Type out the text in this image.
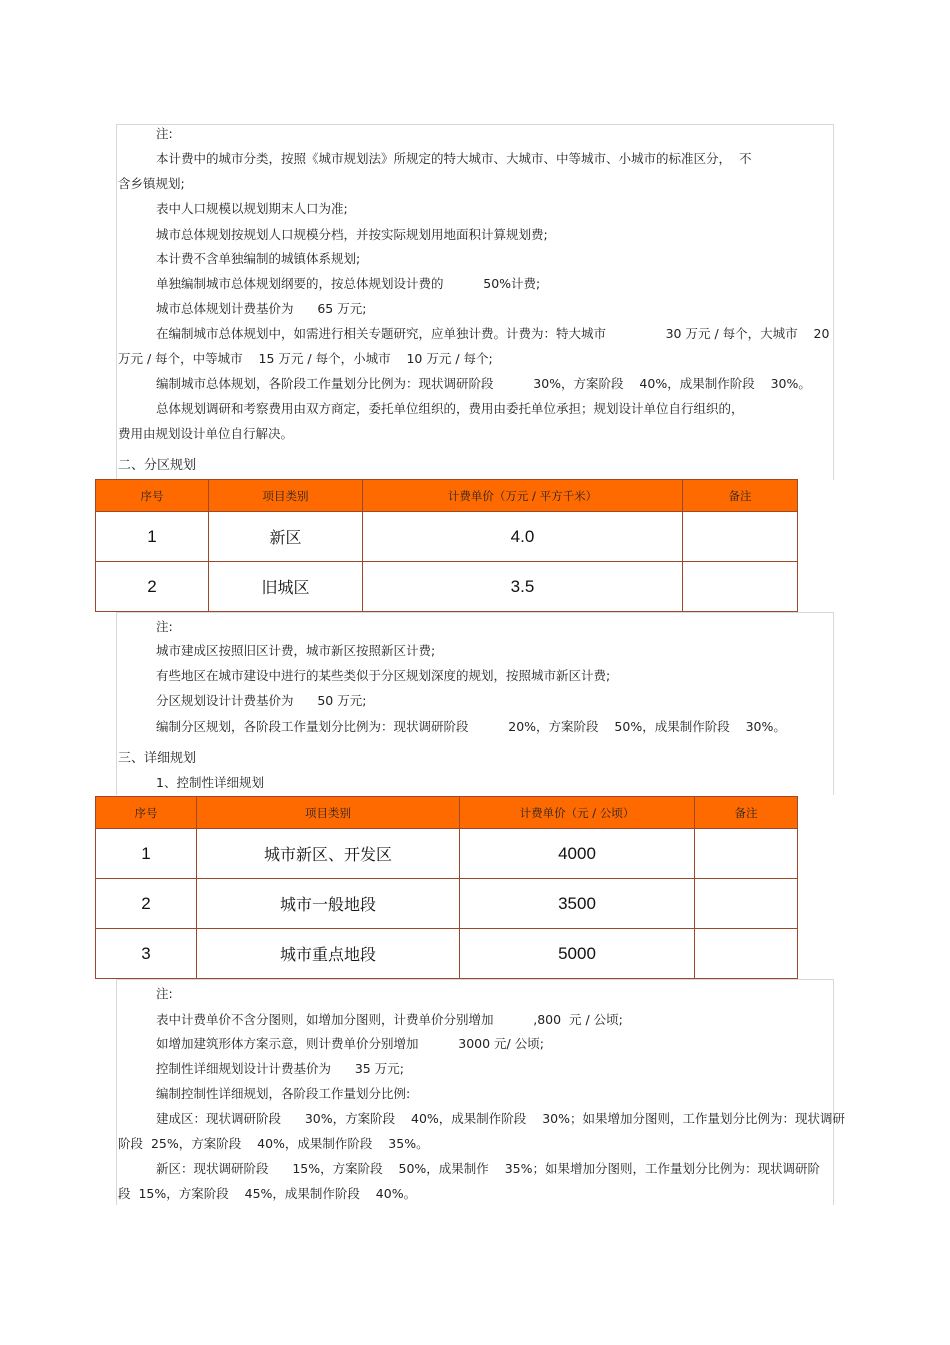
注:
本计费中的城市分类，按照《城市规划法》所规定的特大城市、大城市、中等城市、小城市的标准区分，  不
含乡镇规划;
表中人口规模以规划期末人口为准;
城市总体规划按规划人口规模分档，并按实际规划用地面积计算规划费;
本计费不含单独编制的城镇体系规划;
单独编制城市总体规划纲要的，按总体规划设计费的          50%计费;
城市总体规划计费基价为      65 万元;
在编制城市总体规划中，如需进行相关专题研究，应单独计费。计费为：特大城市               30 万元 / 每个，大城市    20
万元 / 每个，中等城市    15 万元 / 每个，小城市    10 万元 / 每个;
编制城市总体规划，各阶段工作量划分比例为：现状调研阶段          30%，方案阶段    40%，成果制作阶段    30%。
总体规划调研和考察费用由双方商定，委托单位组织的，费用由委托单位承担；规划设计单位自行组织的，
费用由规划设计单位自行解决。
二、分区规划
序号	项目类别	计费单价（万元 / 平方千米）	备注
1	新区	4.0	
2	旧城区	3.5	
注:
城市建成区按照旧区计费，城市新区按照新区计费;
有些地区在城市建设中进行的某些类似于分区规划深度的规划，按照城市新区计费;
分区规划设计计费基价为      50 万元;
编制分区规划，各阶段工作量划分比例为：现状调研阶段          20%，方案阶段    50%，成果制作阶段    30%。
三、详细规划
1、控制性详细规划
序号	项目类别	计费单价（元 / 公顷）	备注
1	城市新区、开发区	4000	
2	城市一般地段	3500	
3	城市重点地段	5000	
注:
表中计费单价不含分图则，如增加分图则，计费单价分别增加          ,800  元 / 公顷;
如增加建筑形体方案示意，则计费单价分别增加          3000 元/ 公顷;
控制性详细规划设计计费基价为      35 万元;
编制控制性详细规划，各阶段工作量划分比例:
建成区：现状调研阶段      30%，方案阶段    40%，成果制作阶段    30%；如果增加分图则，工作量划分比例为：现状调研
阶段  25%，方案阶段    40%，成果制作阶段    35%。
新区：现状调研阶段      15%，方案阶段    50%，成果制作    35%；如果增加分图则，工作量划分比例为：现状调研阶
段  15%，方案阶段    45%，成果制作阶段    40%。
